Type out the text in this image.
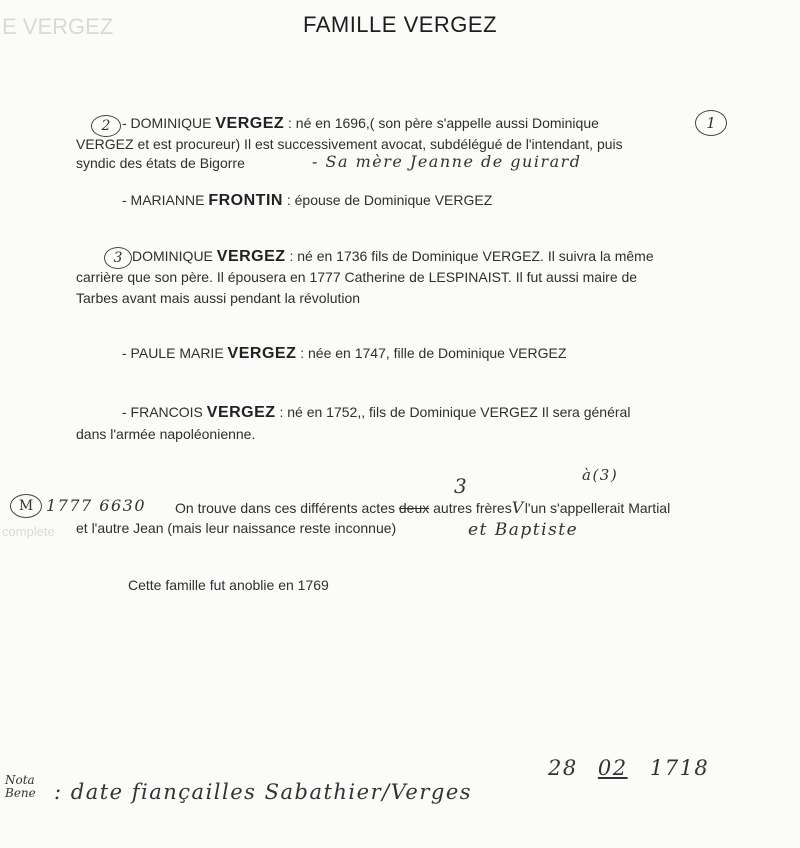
E VERGEZ
complete
FAMILLE VERGEZ
2 - DOMINIQUE VERGEZ : né en 1696,( son père s'appelle aussi Dominique	1
VERGEZ et est procureur) Il est successivement avocat, subdélégué de l'intendant, puis
syndic des états de Bigorre	- Sa mère Jeanne de guirard
- MARIANNE FRONTIN : épouse de Dominique VERGEZ
3 DOMINIQUE VERGEZ : né en 1736 fils de Dominique VERGEZ. Il suivra la même
carrière que son père. Il épousera en 1777 Catherine de LESPINAIST. Il fut aussi maire de
Tarbes avant mais aussi pendant la révolution
- PAULE MARIE VERGEZ : née en 1747, fille de Dominique VERGEZ
- FRANCOIS VERGEZ : né en 1752,, fils de Dominique VERGEZ Il sera général
dans l'armée napoléonienne.
M 1777 6630
3	à(3)
On trouve dans ces différents actes deux autres frèresVl'un s'appellerait Martial
et l'autre Jean (mais leur naissance reste inconnue)	et Baptiste
Cette famille fut anoblie en 1769
Nota
Bene : date fiançailles Sabathier/Verges
28 02 1718
